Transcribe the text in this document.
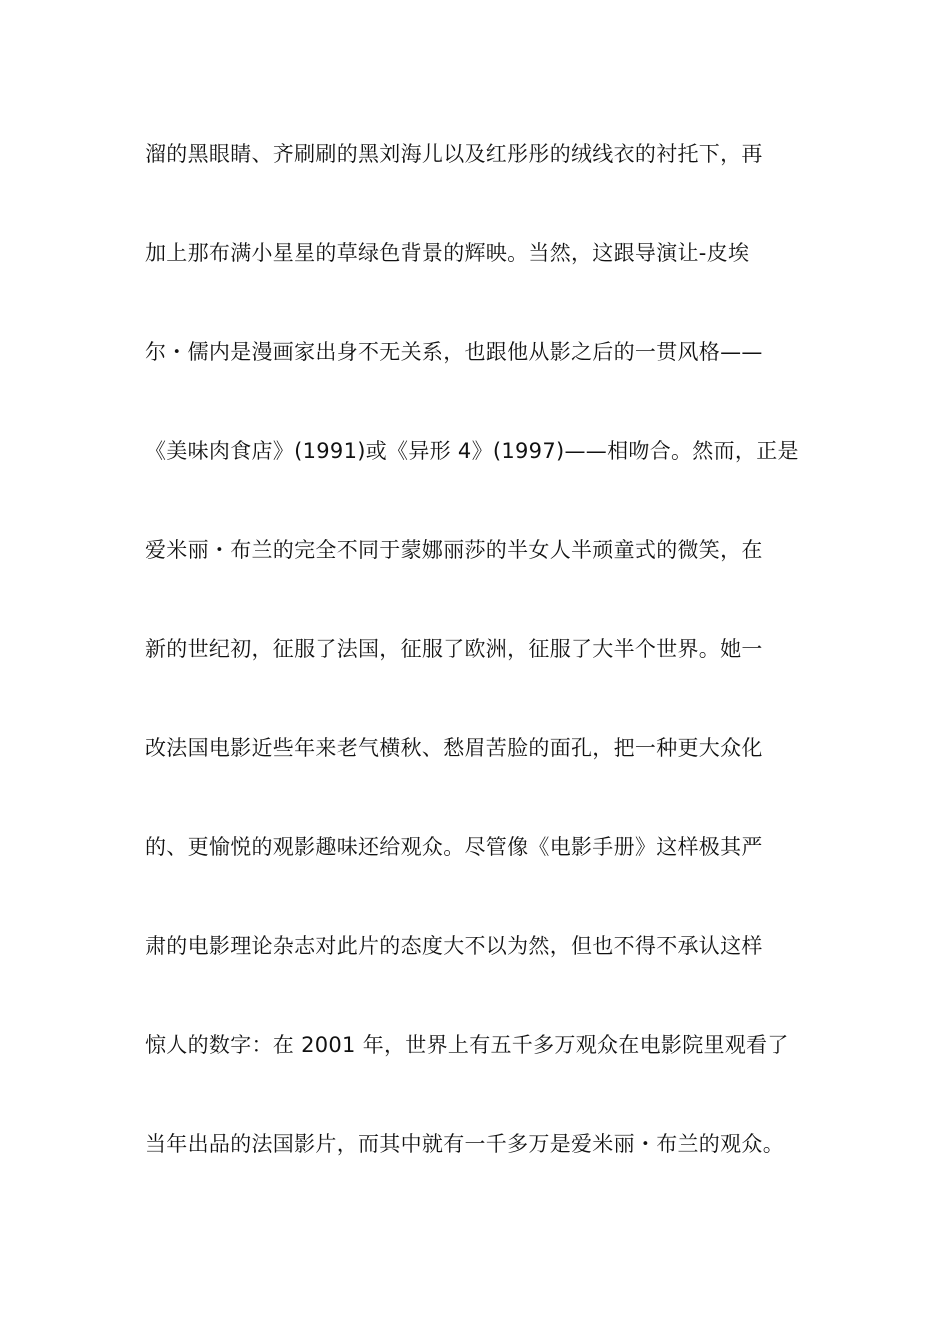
溜的黑眼睛、齐刷刷的黑刘海儿以及红彤彤的绒线衣的衬托下，再
加上那布满小星星的草绿色背景的辉映。当然，这跟导演让-皮埃
尔・儒内是漫画家出身不无关系，也跟他从影之后的一贯风格——
《美味肉食店》(1991)或《异形 4》(1997)——相吻合。然而，正是
爱米丽・布兰的完全不同于蒙娜丽莎的半女人半顽童式的微笑，在
新的世纪初，征服了法国，征服了欧洲，征服了大半个世界。她一
改法国电影近些年来老气横秋、愁眉苦脸的面孔，把一种更大众化
的、更愉悦的观影趣味还给观众。尽管像《电影手册》这样极其严
肃的电影理论杂志对此片的态度大不以为然，但也不得不承认这样
惊人的数字：在 2001 年，世界上有五千多万观众在电影院里观看了
当年出品的法国影片，而其中就有一千多万是爱米丽・布兰的观众。
